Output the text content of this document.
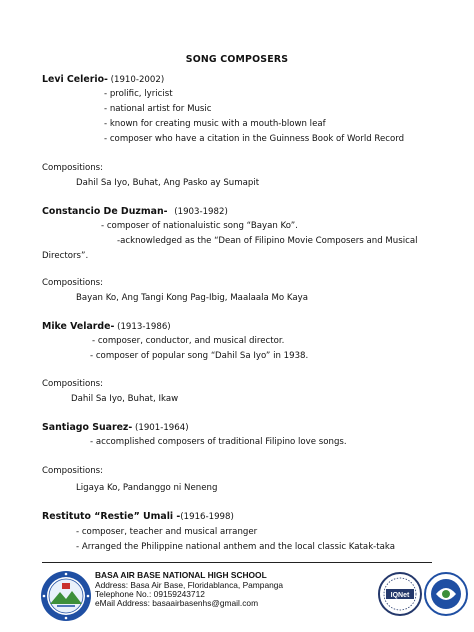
SONG COMPOSERS
Levi Celerio- (1910-2002)
- prolific, lyricist
- national artist for Music
- known for creating music with a mouth-blown leaf
- composer who have a citation in the Guinness Book of World Record
Compositions:
Dahil Sa Iyo, Buhat, Ang Pasko ay Sumapit
Constancio De Duzman- (1903-1982)
- composer of nationaluistic song “Bayan Ko”.
-acknowledged as the “Dean of Filipino Movie Composers and Musical
Directors”.
Compositions:
Bayan Ko, Ang Tangi Kong Pag-Ibig, Maalaala Mo Kaya
Mike Velarde- (1913-1986)
- composer, conductor, and musical director.
- composer of popular song “Dahil Sa Iyo” in 1938.
Compositions:
Dahil Sa Iyo, Buhat, Ikaw
Santiago Suarez- (1901-1964)
- accomplished composers of traditional Filipino love songs.
Compositions:
Ligaya Ko, Pandanggo ni Neneng
Restituto “Restie” Umali -(1916-1998)
- composer, teacher and musical arranger
- Arranged the Philippine national anthem and the local classic Katak-taka
BASA AIR BASE NATIONAL HIGH SCHOOL
Address: Basa Air Base, Floridablanca, Pampanga
Telephone No.: 09159243712
eMail Address: basaairbasenhs@gmail.com
IQNet
